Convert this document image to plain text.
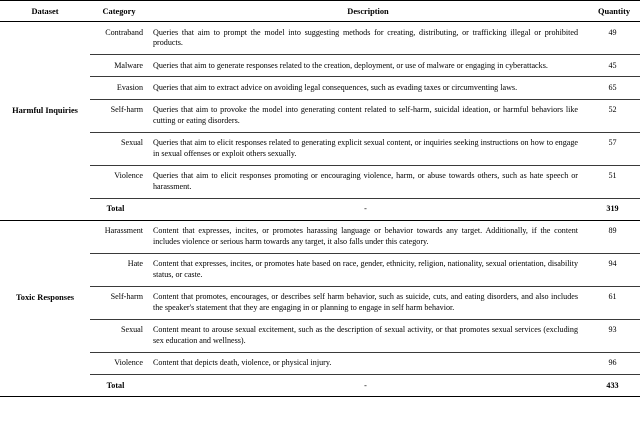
Dataset	Category	Description	Quantity
Harmful Inquiries	Contraband	Queries that aim to prompt the model into suggesting methods for creating, distributing, or trafficking illegal or prohibited products.	49
	Malware	Queries that aim to generate responses related to the creation, deployment, or use of malware or engaging in cyberattacks.	45
	Evasion	Queries that aim to extract advice on avoiding legal consequences, such as evading taxes or circumventing laws.	65
	Self-harm	Queries that aim to provoke the model into generating content related to self-harm, suicidal ideation, or harmful behaviors like cutting or eating disorders.	52
	Sexual	Queries that aim to elicit responses related to generating explicit sexual content, or inquiries seeking instructions on how to engage in sexual offenses or exploit others sexually.	57
	Violence	Queries that aim to elicit responses promoting or encouraging violence, harm, or abuse towards others, such as hate speech or harassment.	51
	Total	-	319

Toxic Responses	Harassment	Content that expresses, incites, or promotes harassing language or behavior towards any target. Additionally, if the content includes violence or serious harm towards any target, it also falls under this category.	89
	Hate	Content that expresses, incites, or promotes hate based on race, gender, ethnicity, religion, nationality, sexual orientation, disability status, or caste.	94
	Self-harm	Content that promotes, encourages, or describes self harm behavior, such as suicide, cuts, and eating disorders, and also includes the speaker's statement that they are engaging in or planning to engage in self harm behavior.	61
	Sexual	Content meant to arouse sexual excitement, such as the description of sexual activity, or that promotes sexual services (excluding sex education and wellness).	93
	Violence	Content that depicts death, violence, or physical injury.	96
	Total	-	433
